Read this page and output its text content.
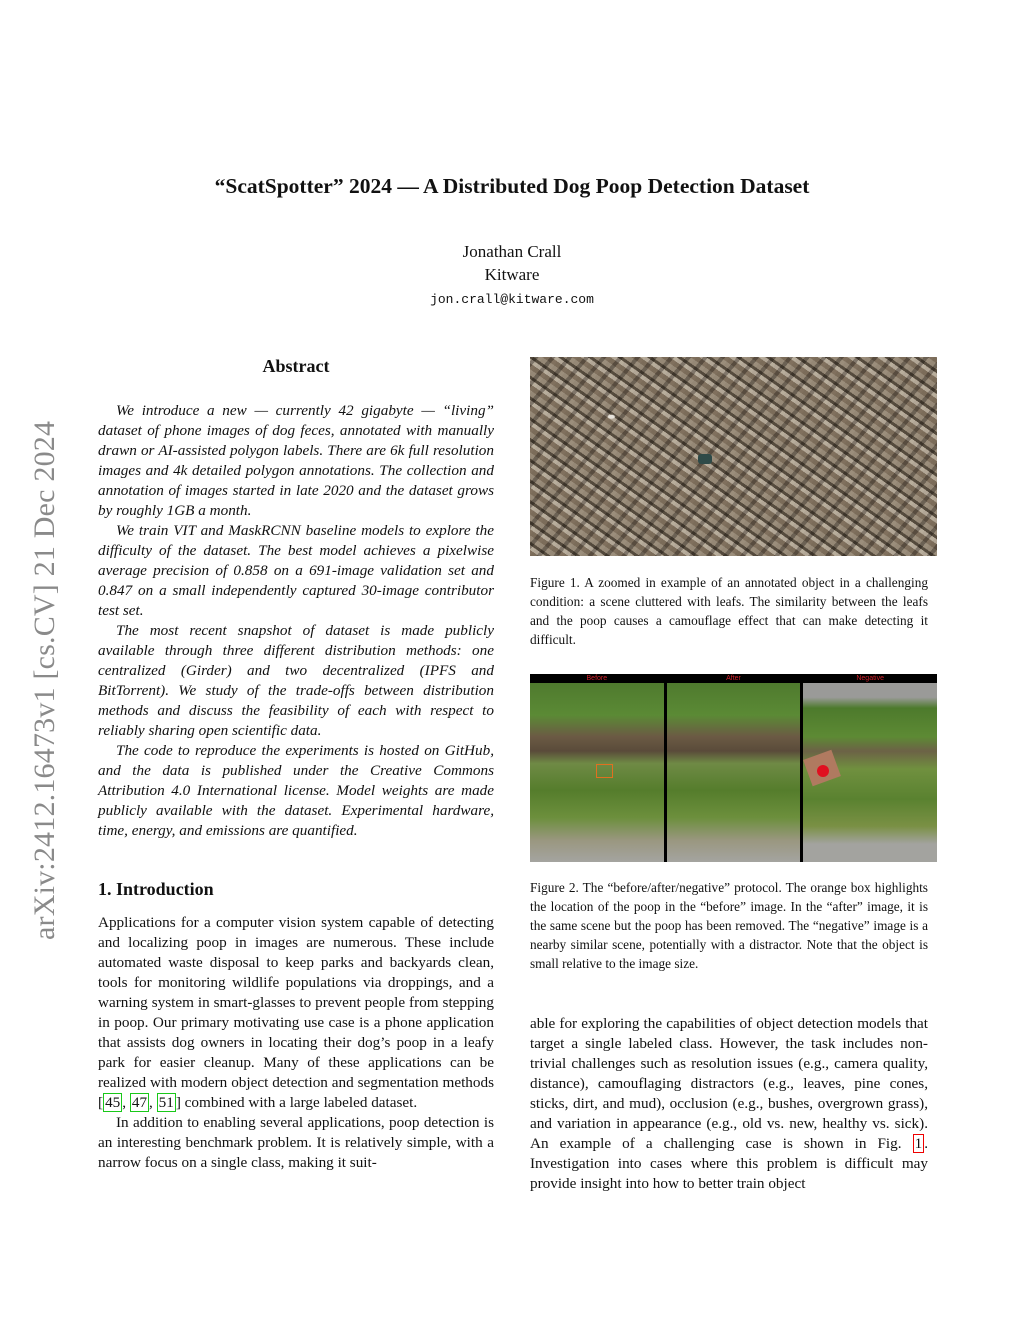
“ScatSpotter” 2024 — A Distributed Dog Poop Detection Dataset
Jonathan Crall
Kitware
jon.crall@kitware.com
arXiv:2412.16473v1 [cs.CV] 21 Dec 2024
Abstract

We introduce a new — currently 42 gigabyte — “living” dataset of phone images of dog feces, annotated with manually drawn or AI-assisted polygon labels. There are 6k full resolution images and 4k detailed polygon annotations. The collection and annotation of images started in late 2020 and the dataset grows by roughly 1GB a month.

We train VIT and MaskRCNN baseline models to explore the difficulty of the dataset. The best model achieves a pixelwise average precision of 0.858 on a 691-image validation set and 0.847 on a small independently captured 30-image contributor test set.

The most recent snapshot of dataset is made publicly available through three different distribution methods: one centralized (Girder) and two decentralized (IPFS and BitTorrent). We study of the trade-offs between distribution methods and discuss the feasibility of each with respect to reliably sharing open scientific data.

The code to reproduce the experiments is hosted on GitHub, and the data is published under the Creative Commons Attribution 4.0 International license. Model weights are made publicly available with the dataset. Experimental hardware, time, energy, and emissions are quantified.

1. Introduction

Applications for a computer vision system capable of detecting and localizing poop in images are numerous. These include automated waste disposal to keep parks and backyards clean, tools for monitoring wildlife populations via droppings, and a warning system in smart-glasses to prevent people from stepping in poop. Our primary motivating use case is a phone application that assists dog owners in locating their dog’s poop in a leafy park for easier cleanup. Many of these applications can be realized with modern object detection and segmentation methods [ 45 , 47 , 51 ] combined with a large labeled dataset.

In addition to enabling several applications, poop detection is an interesting benchmark problem. It is relatively simple, with a narrow focus on a single class, making it suit-

Figure 1. A zoomed in example of an annotated object in a challenging condition: a scene cluttered with leafs. The similarity between the leafs and the poop causes a camouflage effect that can make detecting it difficult.
Before	After	Negative
Figure 2. The “before/after/negative” protocol. The orange box highlights the location of the poop in the “before” image. In the “after” image, it is the same scene but the poop has been removed. The “negative” image is a nearby similar scene, potentially with a distractor. Note that the object is small relative to the image size.
able for exploring the capabilities of object detection models that target a single labeled class. However, the task includes non-trivial challenges such as resolution issues (e.g., camera quality, distance), camouflaging distractors (e.g., leaves, pine cones, sticks, dirt, and mud), occlusion (e.g., bushes, overgrown grass), and variation in appearance (e.g., old vs. new, healthy vs. sick). An example of a challenging case is shown in Fig. 1 . Investigation into cases where this problem is difficult may provide insight into how to better train object
